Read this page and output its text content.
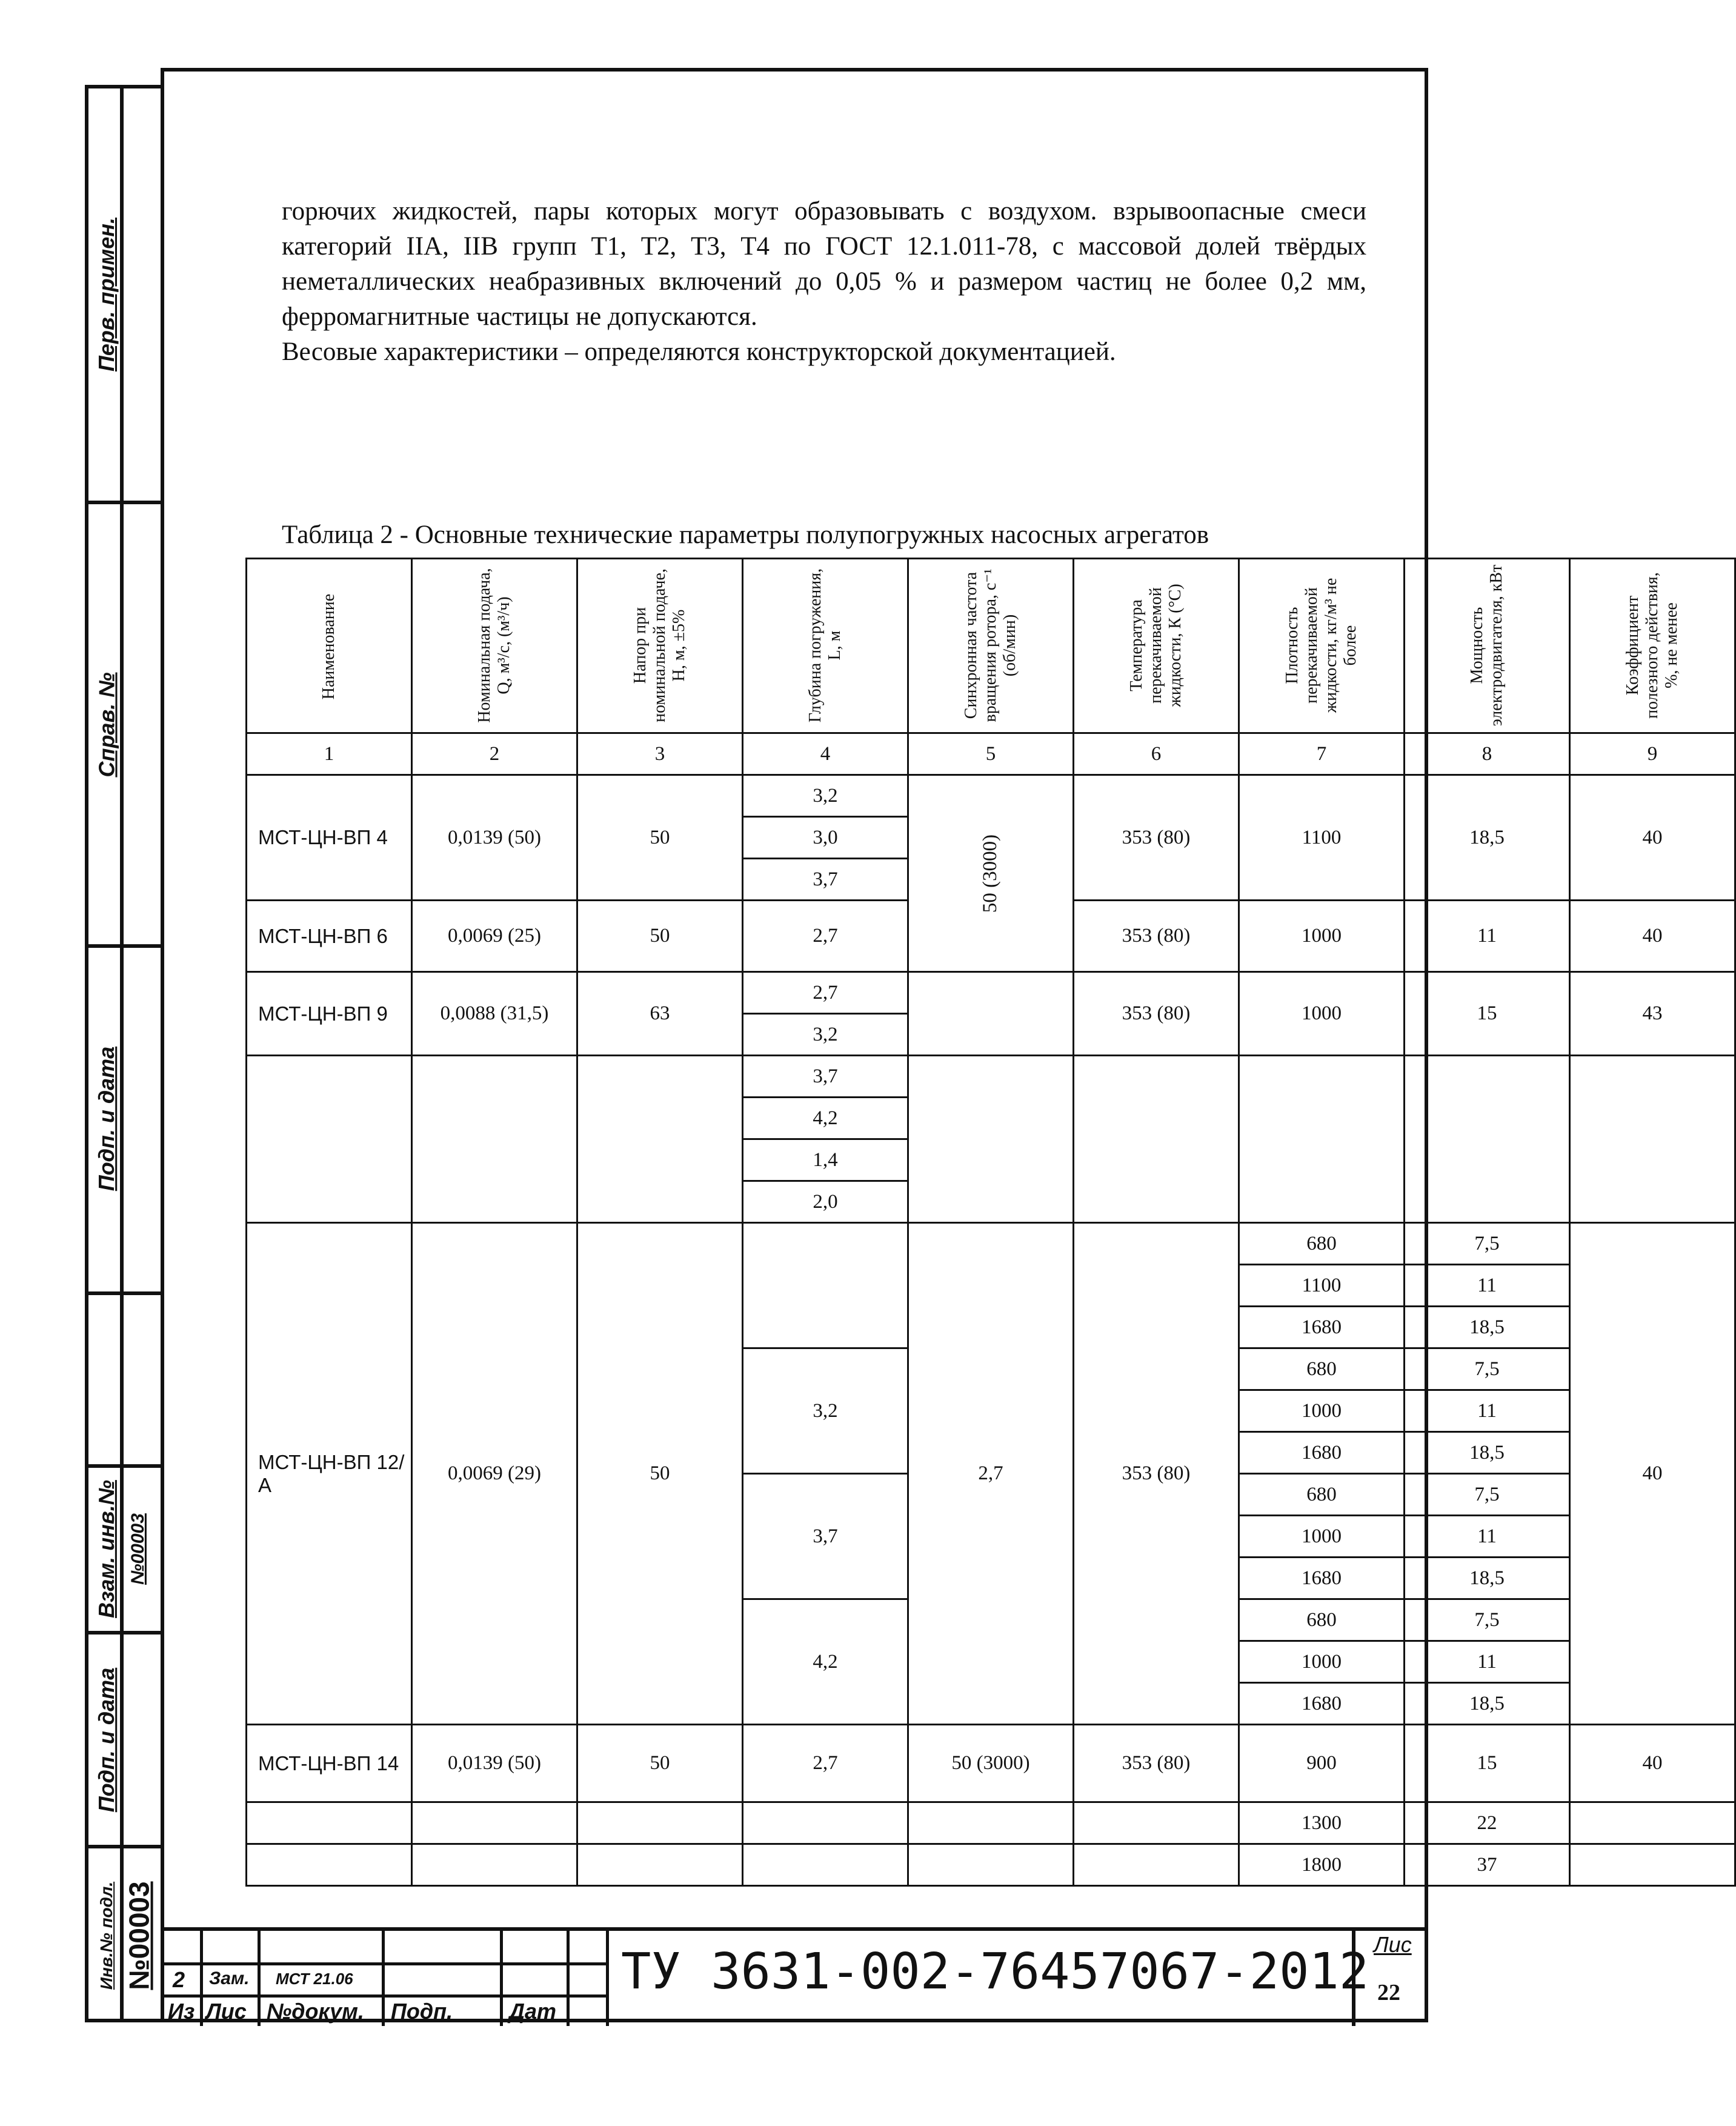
Перв. примен.
Справ. №
Подп. и дата
Взам. инв.№ №00003
Подп. и дата
Инв.№ подл. №00003

горючих жидкостей, пары которых могут образовывать с воздухом. взрывоопасные смеси категорий IIA, IIB групп Т1, Т2, Т3, Т4 по ГОСТ 12.1.011-78, с массовой долей твёрдых неметаллических неабразивных включений до 0,05 % и размером частиц не более 0,2 мм, ферромагнитные частицы не допускаются.

Весовые характеристики – определяются конструкторской документацией.

Таблица 2 - Основные технические параметры полупогружных насосных агрегатов
Наименование	Номинальная подача, Q, м³/с, (м³/ч)	Напор при номинальной подаче, Н, м, ±5%	Глубина погружения, L, м	Синхронная частота вращения ротора, с⁻¹ (об/мин)	Температура перекачиваемой жидкости, К (°С)	Плотность перекачиваемой жидкости, кг/м³ не более	Мощность электродвигателя, кВт	Коэффициент полезного действия, %, не менее
1	2	3	4	5	6	7	8	9
МСТ-ЦН-ВП 4	0,0139 (50)	50	3,2	50 (3000)	353 (80)	1100	18,5	40
			3,0					
			3,7					
МСТ-ЦН-ВП 6	0,0069 (25)	50	2,7		353 (80)	1000	11	40
МСТ-ЦН-ВП 9	0,0088 (31,5)	63	2,7		353 (80)	1000	15	43
			3,2					
			3,7					
			4,2					
			1,4					
			2,0					
МСТ-ЦН-ВП 12/А	0,0069 (29)	50		2,7	353 (80)	680	7,5	40
						1100	11	
						1680	18,5	
			3,2			680	7,5	
						1000	11	
						1680	18,5	
			3,7			680	7,5	
						1000	11	
						1680	18,5	
			4,2			680	7,5	
						1000	11	
						1680	18,5	
МСТ-ЦН-ВП 14	0,0139 (50)	50	2,7	50 (3000)	353 (80)	900	15	40
						1300	22	
						1800	37	
2 Зам. МСТ 21.06
Из Лис №докум. Подп.	Дат
ТУ 3631-002-76457067-2012 Лис
22
